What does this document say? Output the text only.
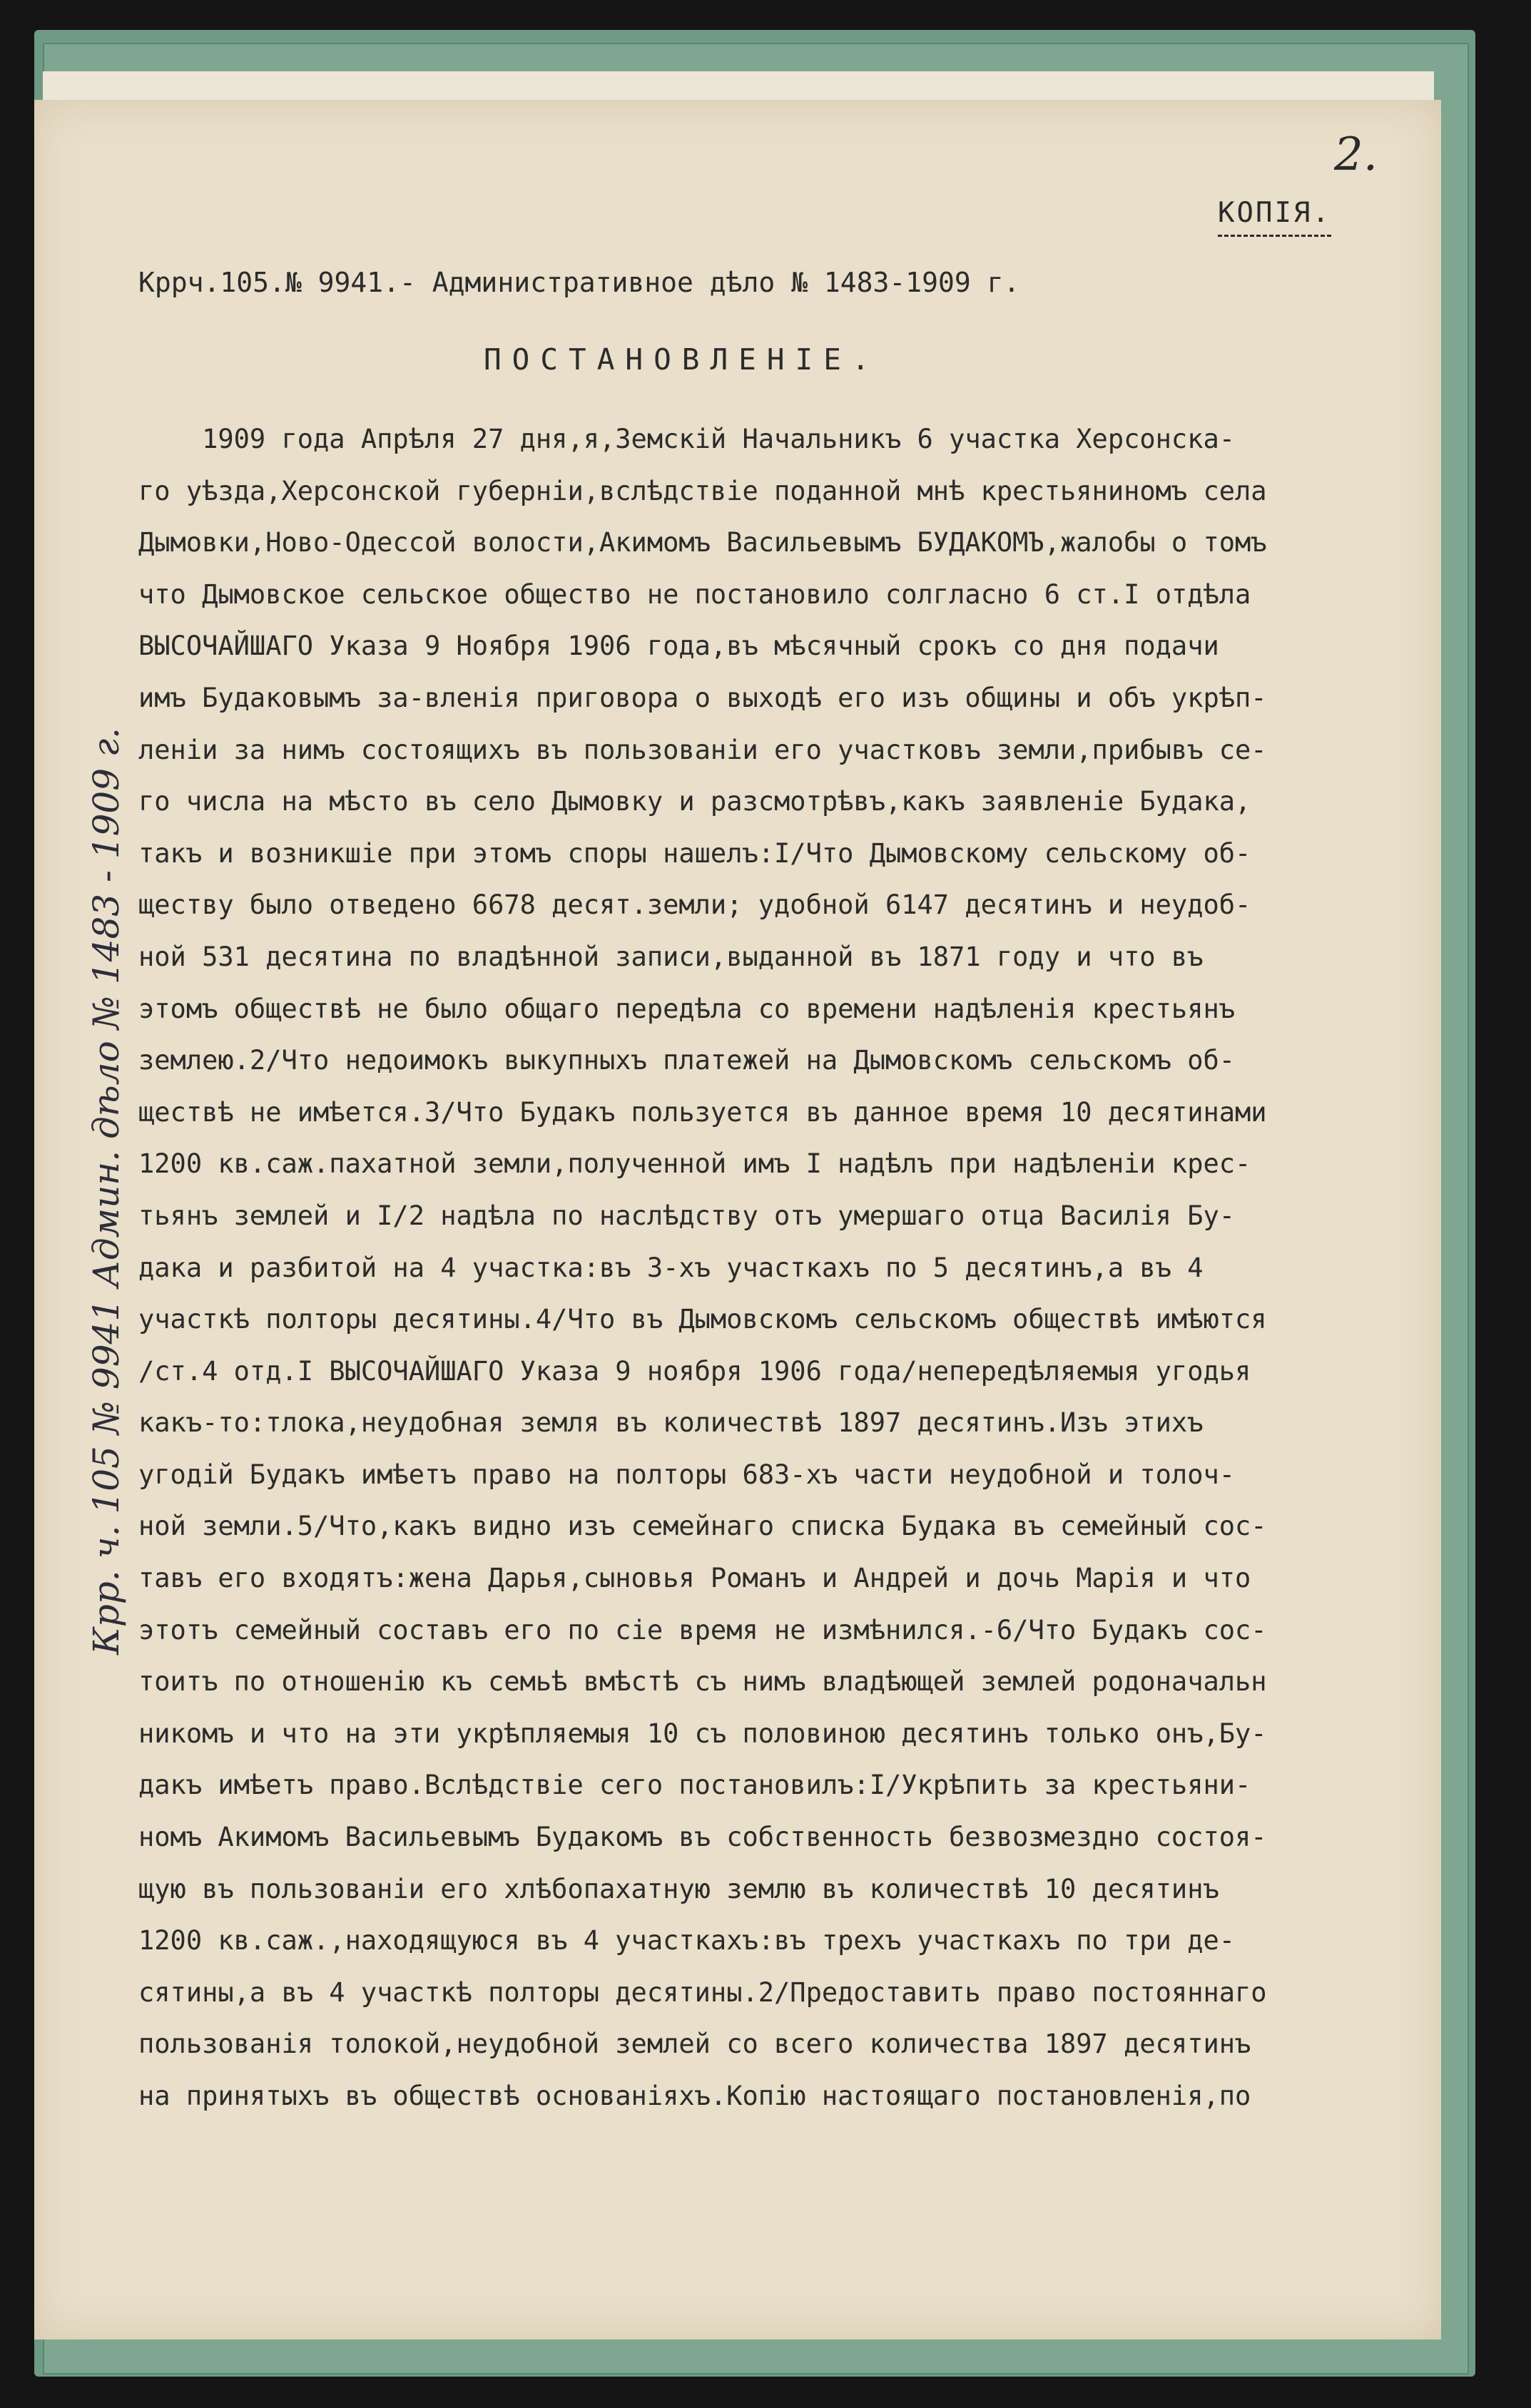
2.
КОПІЯ.
Крpч.105.№ 9941.- Административное дѣло № 1483-1909 г.
ПОСТАНОВЛЕНІЕ.
1909 года Апрѣля 27 дня,я,Земскiй Начальникъ 6 участка Херсонска-
го уѣзда,Херсонской губернiи,вслѣдствiе поданной мнѣ крестьяниномъ села
Дымовки,Ново-Одесcой волости,Акимомъ Васильевымъ БУДАКОМЪ,жалобы о томъ
что Дымовское сельское общество не постановило солгласно 6 ст.I отдѣла
ВЫСОЧАЙШАГО Указа 9 Ноября 1906 года,въ мѣсячный срокъ со дня подачи
имъ Будаковымъ за-вленiя приговора о выходѣ его изъ общины и объ укрѣп-
ленiи за нимъ состоящихъ въ пользованiи его участковъ земли,прибывъ се-
го числа на мѣсто въ село Дымовку и разсмотрѣвъ,какъ заявленiе Будака,
такъ и возникшiе при этомъ споры нашелъ:I/Что Дымовскому сельскому об-
ществу было отведено 6678 десят.земли; удобной 6147 десятинъ и неудоб-
ной 531 десятина по владѣнной записи,выданной въ 1871 году и что въ
этомъ обществѣ не было общаго передѣла со времени надѣленiя крестьянъ
землею.2/Что недоимокъ выкупныхъ платежей на Дымовскомъ сельскомъ об-
ществѣ не имѣется.3/Что Будакъ пользуется въ данное время 10 десятинами
1200 кв.саж.пахатной земли,полученной имъ I надѣлъ при надѣленiи крес-
тьянъ землей и I/2 надѣла по наслѣдству отъ умершаго отца Василiя Бу-
дака и разбитой на 4 участка:въ 3-хъ участкахъ по 5 десятинъ,а въ 4
участкѣ полторы десятины.4/Что въ Дымовскомъ сельскомъ обществѣ имѣются
/ст.4 отд.I ВЫСОЧАЙШАГО Указа 9 ноября 1906 года/непередѣляемыя угодья
какъ-то:тлока,неудобная земля въ количествѣ 1897 десятинъ.Изъ этихъ
угодiй Будакъ имѣетъ право на полторы 683-хъ части неудобной и толоч-
ной земли.5/Что,какъ видно изъ семейнаго списка Будака въ семейный сос-
тавъ его входятъ:жена Дарья,сыновья Романъ и Андрей и дочь Марiя и что
этотъ семейный составъ его по сiе время не измѣнился.-6/Что Будакъ сос-
тоитъ по отношенiю къ семьѣ вмѣстѣ съ нимъ владѣющей землей родоначальн
никомъ и что на эти укрѣпляемыя 10 съ половиною десятинъ только онъ,Бу-
дакъ имѣетъ право.Вслѣдствiе сего постановилъ:I/Укрѣпить за крестьяни-
номъ Акимомъ Васильевымъ Будакомъ въ собственность безвозмездно состоя-
щую въ пользованiи его хлѣбопахатную землю въ количествѣ 10 десятинъ
1200 кв.саж.,находящуюся въ 4 участкахъ:въ трехъ участкахъ по три де-
сятины,а въ 4 участкѣ полторы десятины.2/Предоставить право постояннаго
пользованiя толокой,неудобной землей со всего количества 1897 десятинъ
на принятыхъ въ обществѣ основанiяхъ.Копiю настоящаго постановленiя,по
Крр. ч. 105 № 9941 Админ. дѣло № 1483 - 1909 г.
